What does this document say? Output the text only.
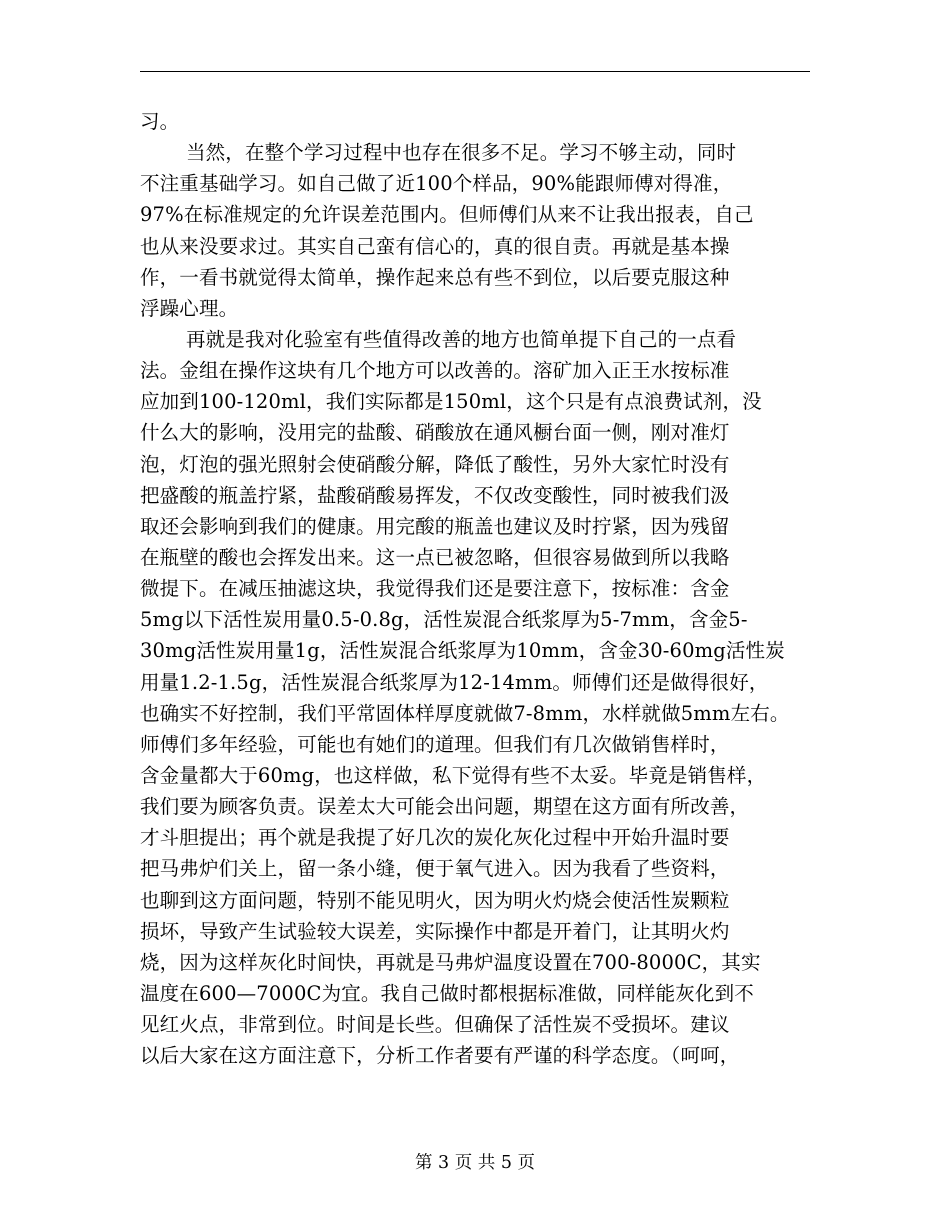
习。
当然，在整个学习过程中也存在很多不足。学习不够主动，同时
不注重基础学习。如自己做了近100个样品，90%能跟师傅对得准，
97%在标准规定的允许误差范围内。但师傅们从来不让我出报表，自己
也从来没要求过。其实自己蛮有信心的，真的很自责。再就是基本操
作，一看书就觉得太简单，操作起来总有些不到位，以后要克服这种
浮躁心理。
再就是我对化验室有些值得改善的地方也简单提下自己的一点看
法。金组在操作这块有几个地方可以改善的。溶矿加入正王水按标准
应加到100-120ml，我们实际都是150ml，这个只是有点浪费试剂，没
什么大的影响，没用完的盐酸、硝酸放在通风橱台面一侧，刚对准灯
泡，灯泡的强光照射会使硝酸分解，降低了酸性，另外大家忙时没有
把盛酸的瓶盖拧紧，盐酸硝酸易挥发，不仅改变酸性，同时被我们汲
取还会影响到我们的健康。用完酸的瓶盖也建议及时拧紧，因为残留
在瓶壁的酸也会挥发出来。这一点已被忽略，但很容易做到所以我略
微提下。在减压抽滤这块，我觉得我们还是要注意下，按标准：含金
5mg以下活性炭用量0.5-0.8g，活性炭混合纸浆厚为5-7mm，含金5-
30mg活性炭用量1g，活性炭混合纸浆厚为10mm，含金30-60mg活性炭
用量1.2-1.5g，活性炭混合纸浆厚为12-14mm。师傅们还是做得很好，
也确实不好控制，我们平常固体样厚度就做7-8mm，水样就做5mm左右。
师傅们多年经验，可能也有她们的道理。但我们有几次做销售样时，
含金量都大于60mg，也这样做，私下觉得有些不太妥。毕竟是销售样，
我们要为顾客负责。误差太大可能会出问题，期望在这方面有所改善，
才斗胆提出；再个就是我提了好几次的炭化灰化过程中开始升温时要
把马弗炉们关上，留一条小缝，便于氧气进入。因为我看了些资料，
也聊到这方面问题，特别不能见明火，因为明火灼烧会使活性炭颗粒
损坏，导致产生试验较大误差，实际操作中都是开着门，让其明火灼
烧，因为这样灰化时间快，再就是马弗炉温度设置在700-8000C，其实
温度在600—7000C为宜。我自己做时都根据标准做，同样能灰化到不
见红火点，非常到位。时间是长些。但确保了活性炭不受损坏。建议
以后大家在这方面注意下，分析工作者要有严谨的科学态度。（呵呵，
第 3 页 共 5 页
